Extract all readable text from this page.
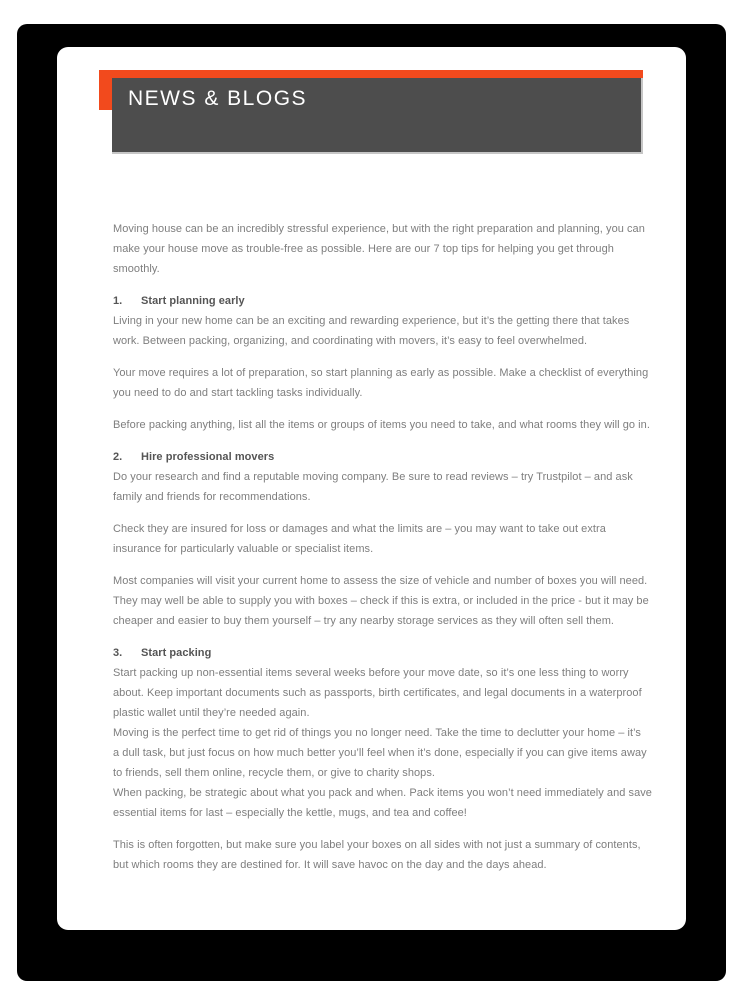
NEWS & BLOGS
Moving house can be an incredibly stressful experience, but with the right preparation and planning, you can
make your house move as trouble-free as possible. Here are our 7 top tips for helping you get through
smoothly.
1. Start planning early
Living in your new home can be an exciting and rewarding experience, but it’s the getting there that takes
work. Between packing, organizing, and coordinating with movers, it’s easy to feel overwhelmed.
Your move requires a lot of preparation, so start planning as early as possible. Make a checklist of everything
you need to do and start tackling tasks individually.
Before packing anything, list all the items or groups of items you need to take, and what rooms they will go in.
2. Hire professional movers
Do your research and find a reputable moving company. Be sure to read reviews – try Trustpilot – and ask
family and friends for recommendations.
Check they are insured for loss or damages and what the limits are – you may want to take out extra
insurance for particularly valuable or specialist items.
Most companies will visit your current home to assess the size of vehicle and number of boxes you will need.
They may well be able to supply you with boxes – check if this is extra, or included in the price - but it may be
cheaper and easier to buy them yourself – try any nearby storage services as they will often sell them.
3. Start packing
Start packing up non-essential items several weeks before your move date, so it’s one less thing to worry
about. Keep important documents such as passports, birth certificates, and legal documents in a waterproof
plastic wallet until they’re needed again.
Moving is the perfect time to get rid of things you no longer need. Take the time to declutter your home – it’s
a dull task, but just focus on how much better you’ll feel when it’s done, especially if you can give items away
to friends, sell them online, recycle them, or give to charity shops.
When packing, be strategic about what you pack and when. Pack items you won’t need immediately and save
essential items for last – especially the kettle, mugs, and tea and coffee!
This is often forgotten, but make sure you label your boxes on all sides with not just a summary of contents,
but which rooms they are destined for. It will save havoc on the day and the days ahead.
